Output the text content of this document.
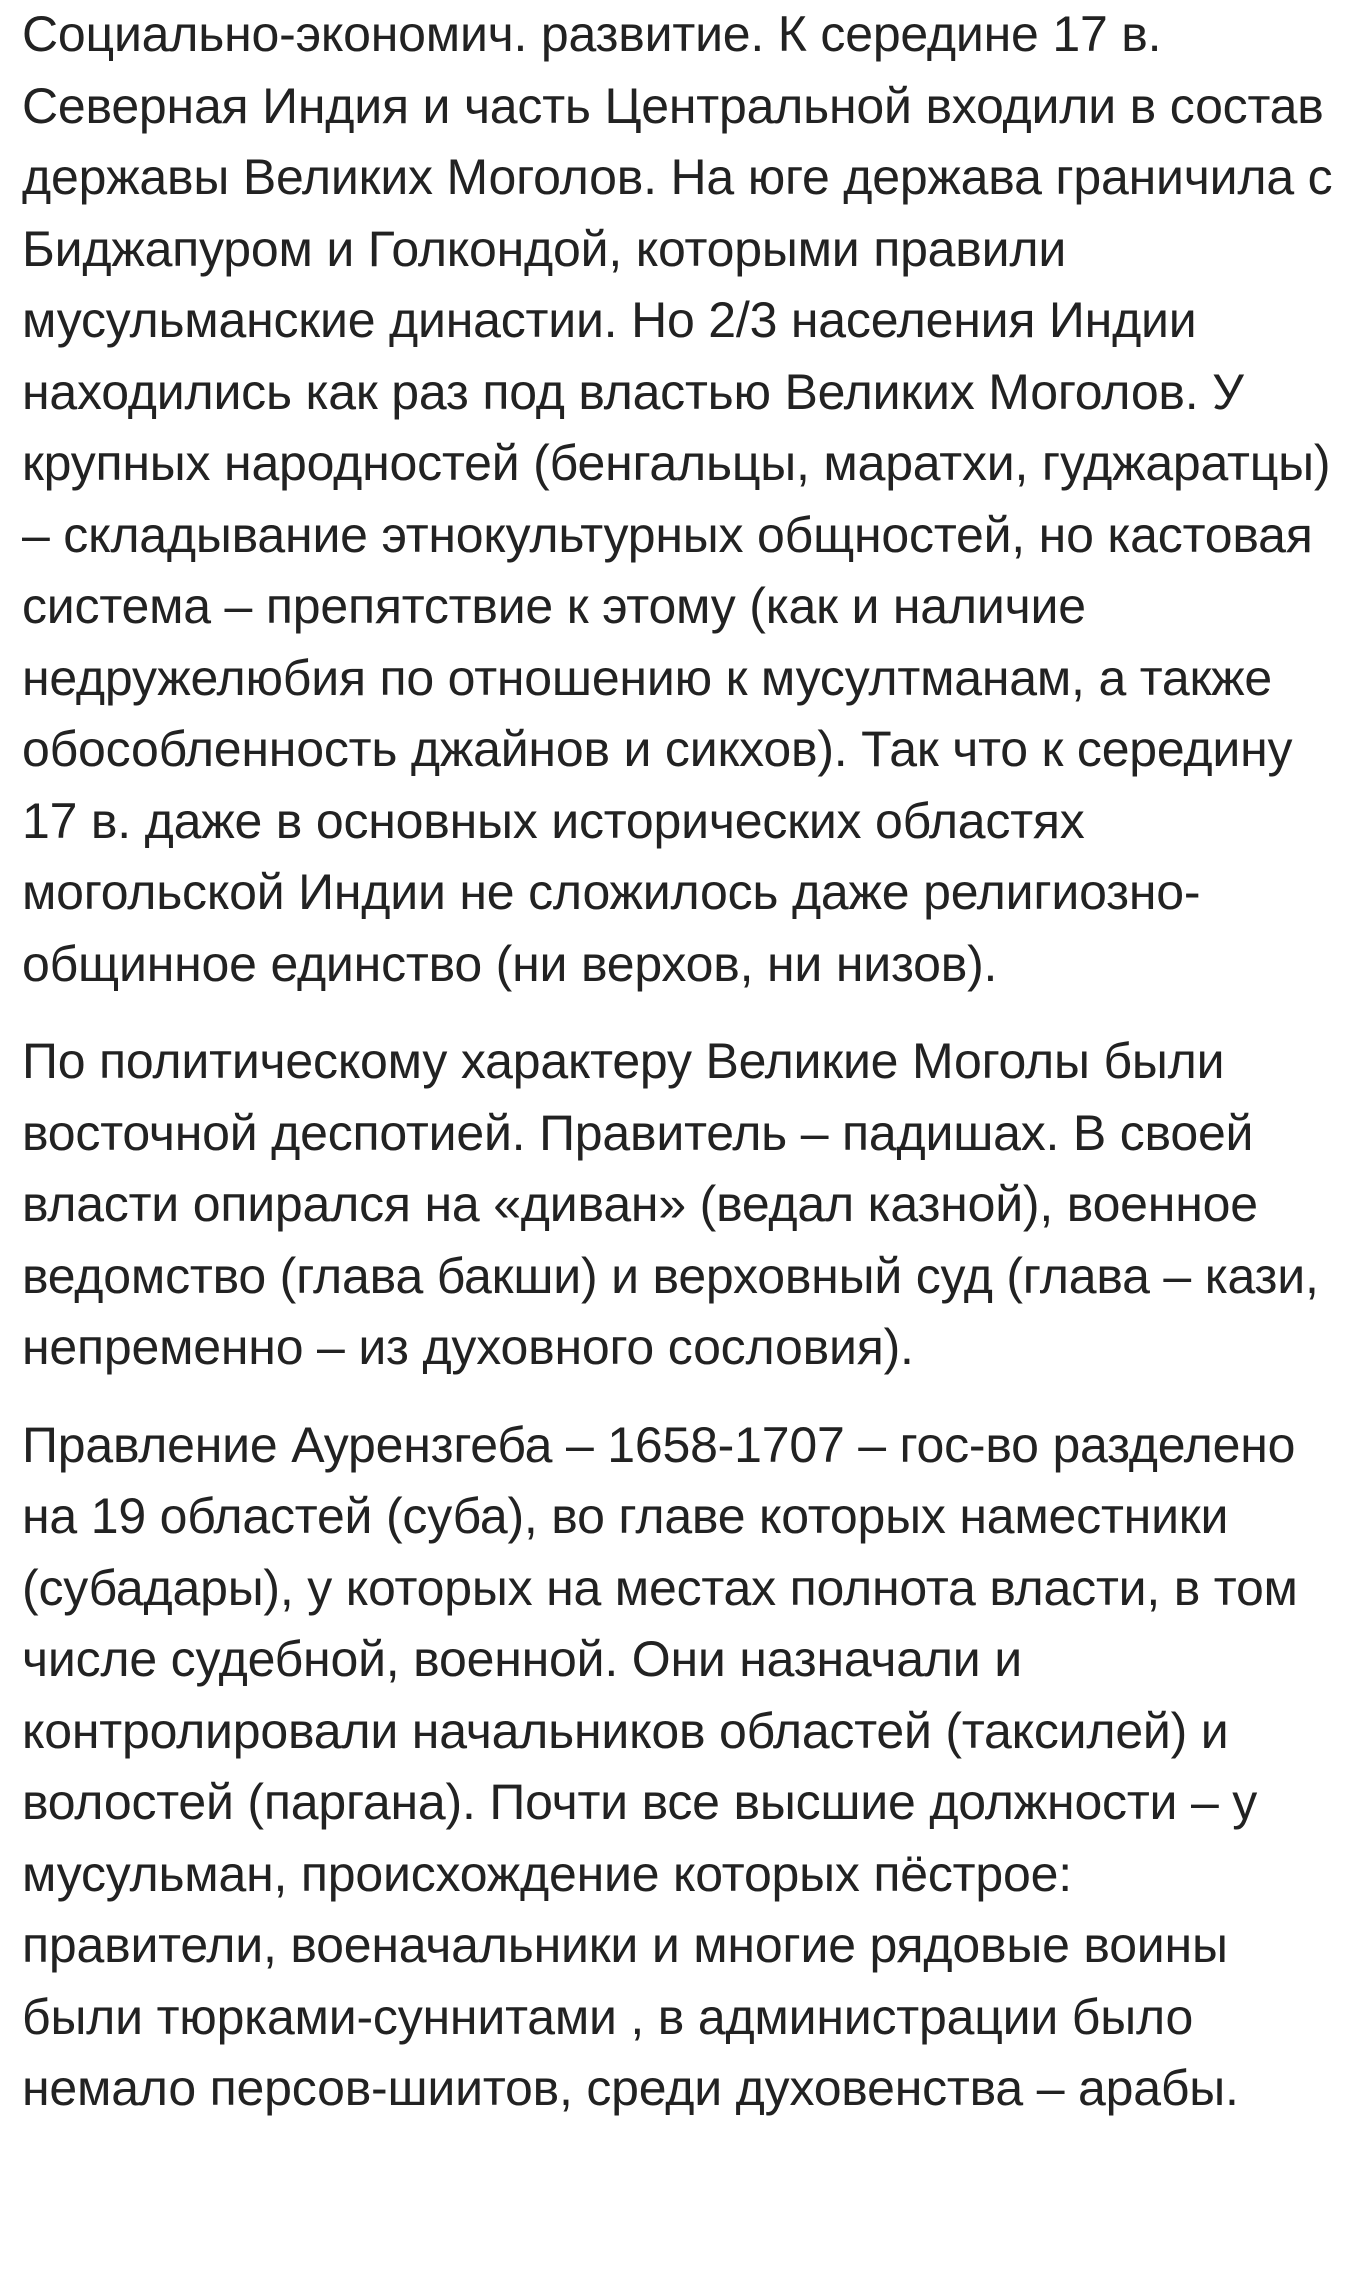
Социально-экономич. развитие. К середине 17 в. Северная Индия и часть Центральной входили в состав державы Великих Моголов. На юге держава граничила с Биджапуром и Голкондой, которыми правили мусульманские династии. Но 2/3 населения Индии находились как раз под властью Великих Моголов. У крупных народностей (бенгальцы, маратхи, гуджаратцы) – складывание этнокультурных общностей, но кастовая система – препятствие к этому (как и наличие недружелюбия по отношению к мусултманам, а также обособленность джайнов и сикхов). Так что к середину 17 в. даже в основных исторических областях могольской Индии не сложилось даже религиозно-общинное единство (ни верхов, ни низов).

По политическому характеру Великие Моголы были восточной деспотией. Правитель – падишах. В своей власти опирался на «диван» (ведал казной), военное ведомство (глава бакши) и верховный суд (глава – кази, непременно – из духовного сословия).

Правление Аурензгеба – 1658-1707 – гос-во разделено на 19 областей (суба), во главе которых наместники (субадары), у которых на местах полнота власти, в том числе судебной, военной. Они назначали и контролировали начальников областей (таксилей) и волостей (паргана). Почти все высшие должности – у мусульман, происхождение которых пёстрое: правители, военачальники и многие рядовые воины были тюрками-суннитами , в администрации было немало персов-шиитов, среди духовенства – арабы.
